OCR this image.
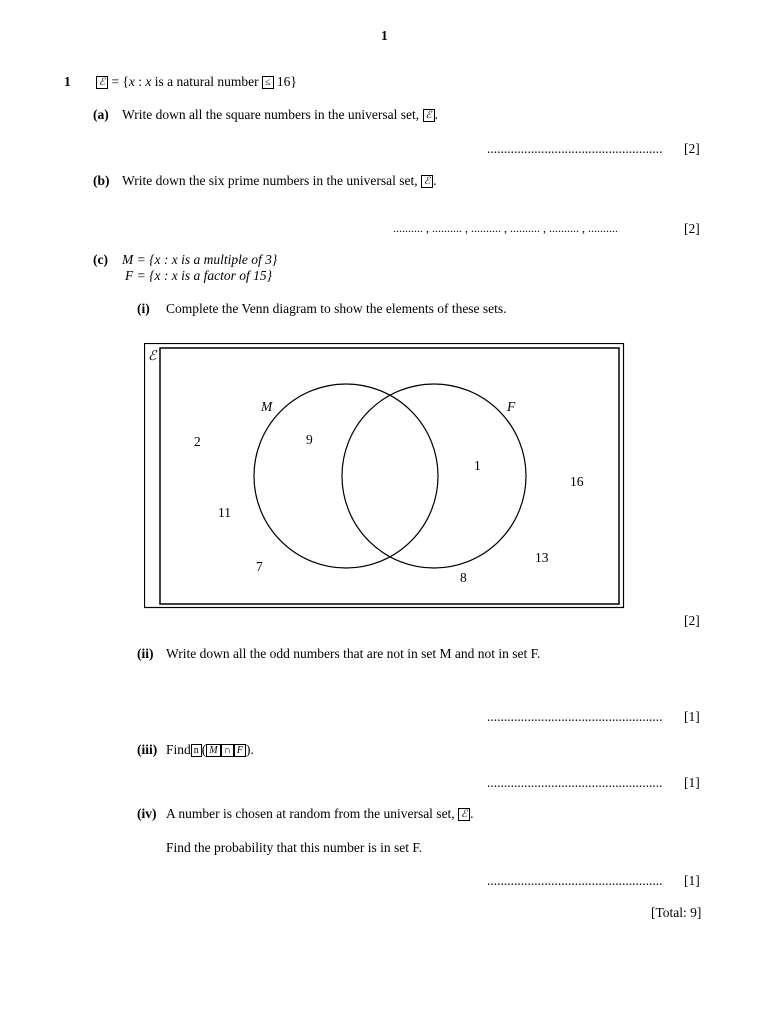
1
1	ℰ = {x : x is a natural number ≤ 16}
(a) Write down all the square numbers in the universal set, ℰ .
.................................................... [2]
(b) Write down the six prime numbers in the universal set, ℰ .
.......... , .......... , .......... , .......... , .......... , ..........	[2]
(c) M = {x : x is a multiple of 3}
F = {x : x is a factor of 15}
(i) Complete the Venn diagram to show the elements of these sets.
ℰ
M	F
2	9
1
16
11
7
8
13
[2]
(ii) Write down all the odd numbers that are not in set M and not in set F.
.................................................... [1]
(iii) Find n ( M ∩ F ).
.................................................... [1]
(iv) A number is chosen at random from the universal set, ℰ .
Find the probability that this number is in set F.
.................................................... [1]
[Total: 9]
